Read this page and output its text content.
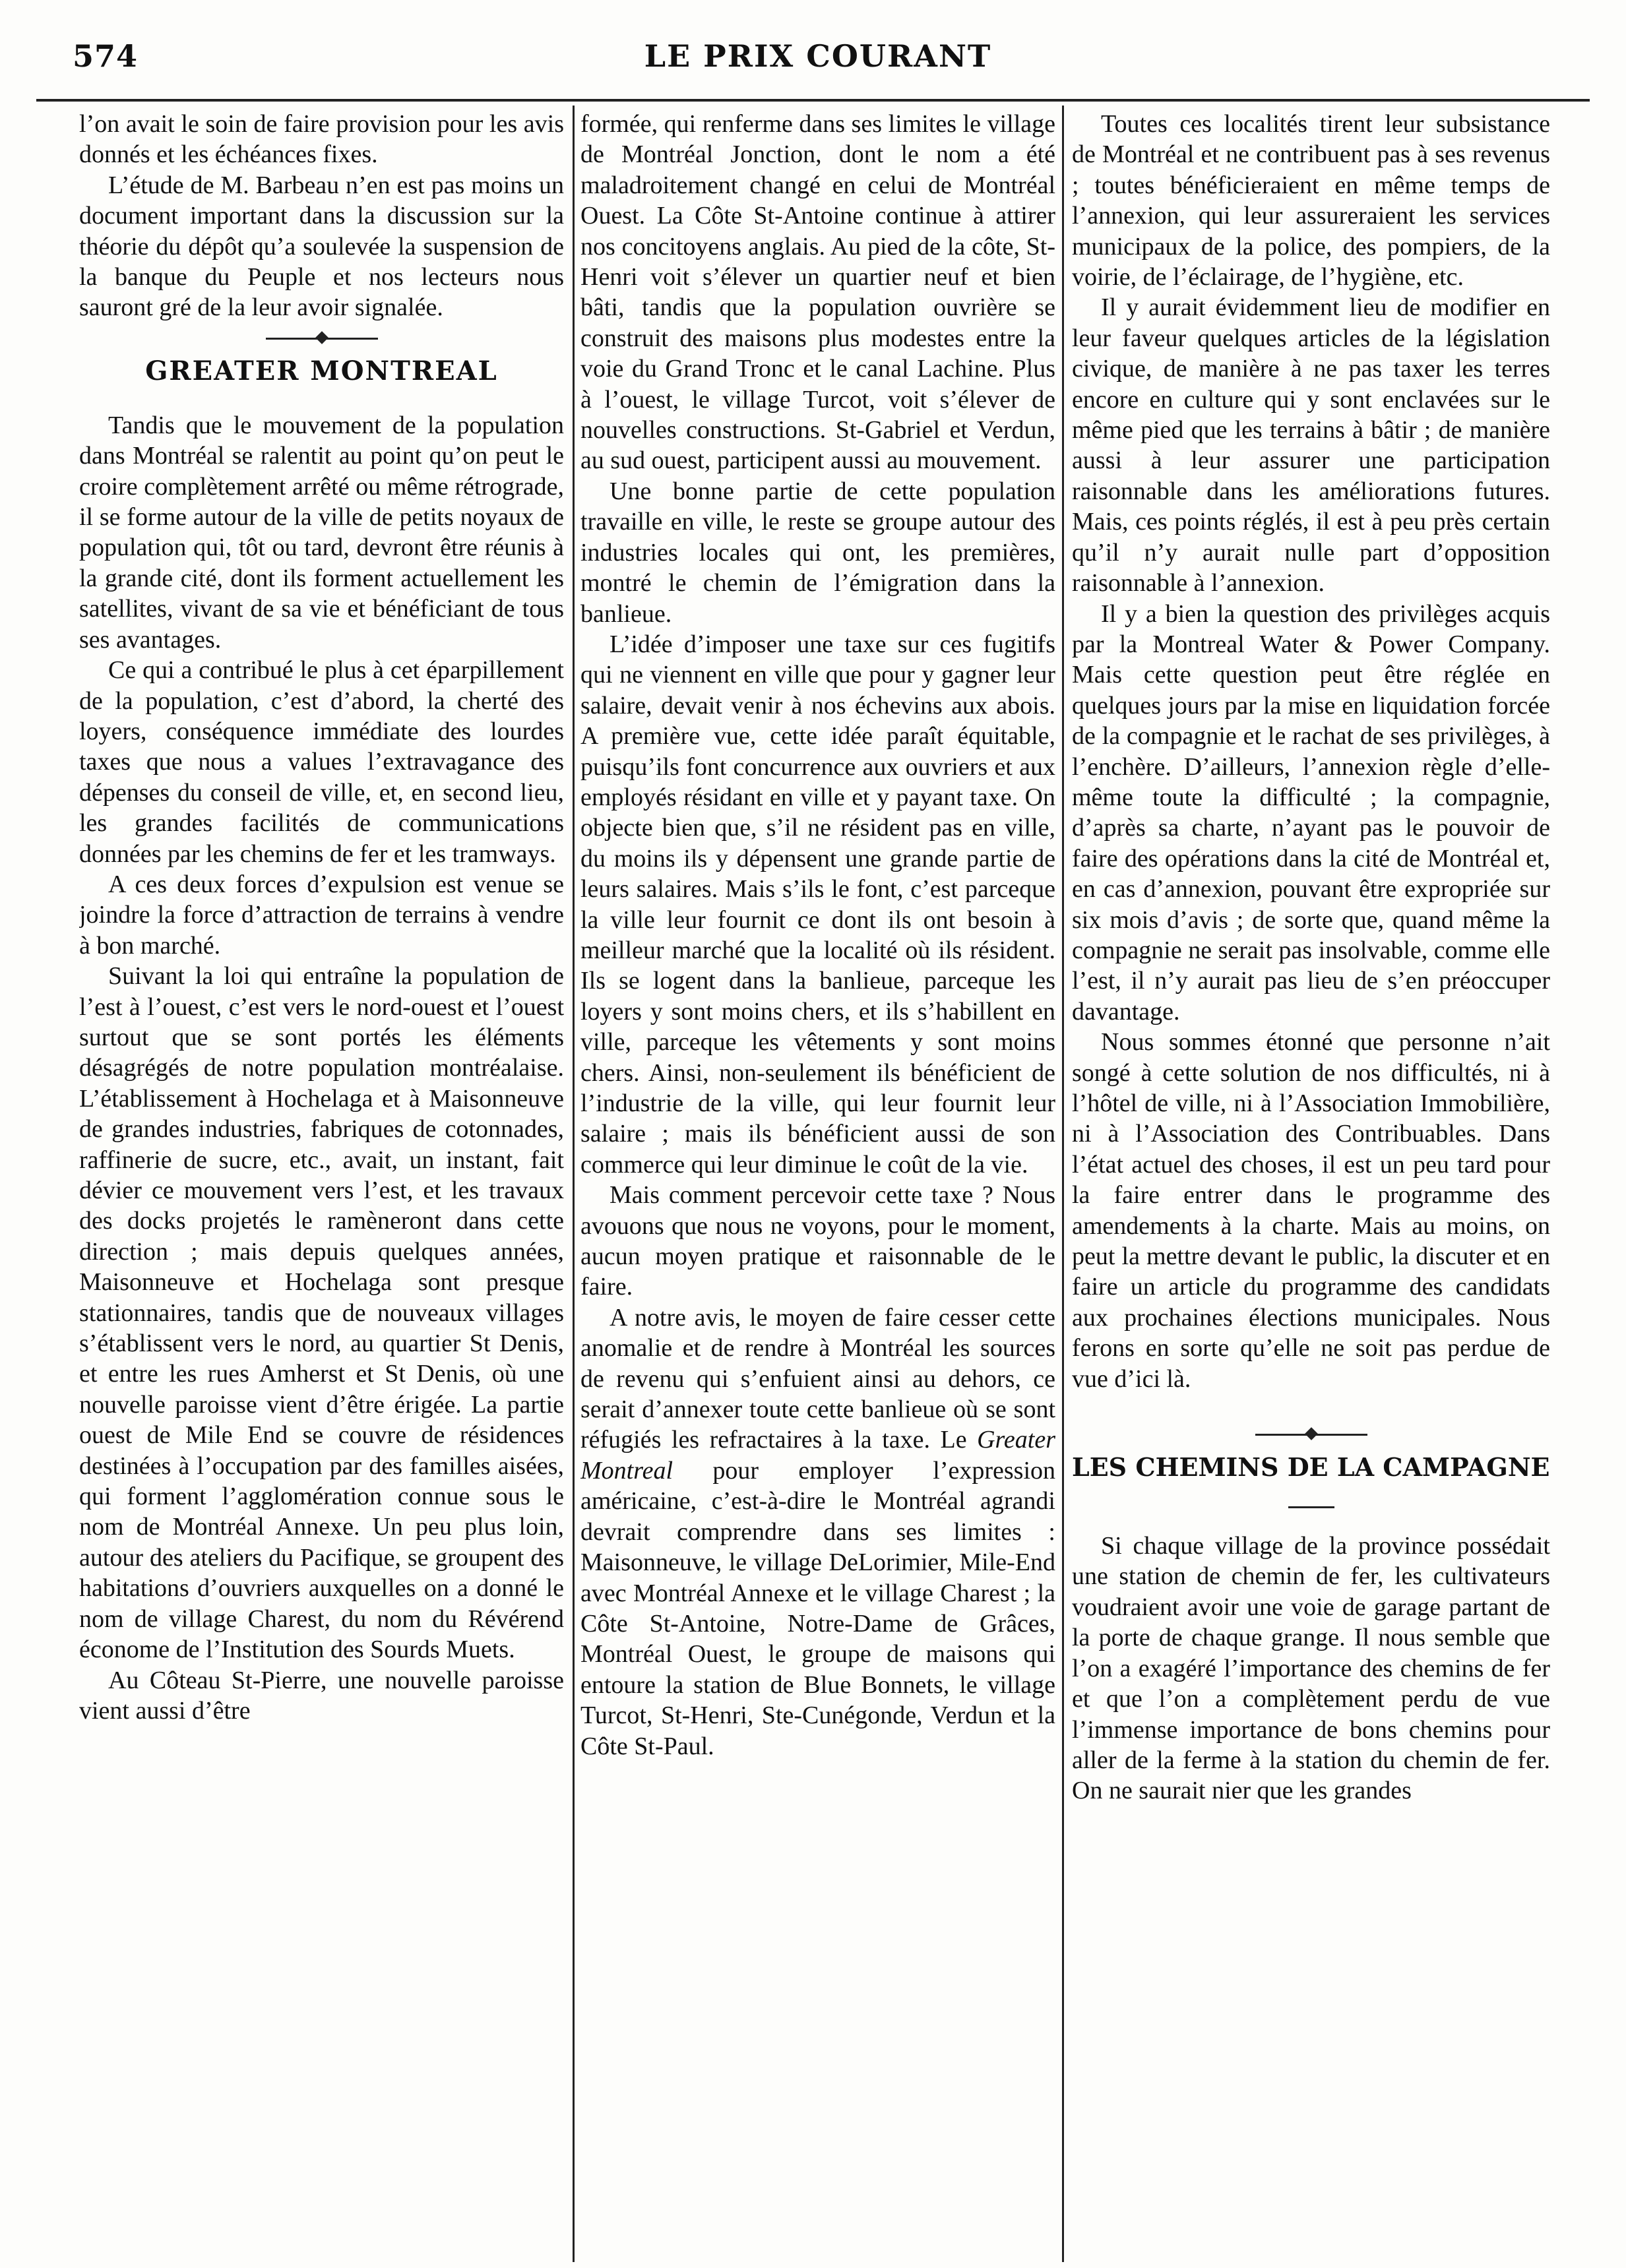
574	LE PRIX COURANT

l’on avait le soin de faire provision pour les avis donnés et les échéances fixes.

L’étude de M. Barbeau n’en est pas moins un document important dans la discussion sur la théorie du dépôt qu’a soulevée la suspension de la banque du Peuple et nos lecteurs nous sauront gré de la leur avoir signalée.

GREATER MONTREAL

Tandis que le mouvement de la population dans Montréal se ralentit au point qu’on peut le croire complètement arrêté ou même rétrograde, il se forme autour de la ville de petits noyaux de population qui, tôt ou tard, devront être réunis à la grande cité, dont ils forment actuellement les satellites, vivant de sa vie et bénéficiant de tous ses avantages.

Ce qui a contribué le plus à cet éparpillement de la population, c’est d’abord, la cherté des loyers, conséquence immédiate des lourdes taxes que nous a values l’extravagance des dépenses du conseil de ville, et, en second lieu, les grandes facilités de communications données par les chemins de fer et les tramways.

A ces deux forces d’expulsion est venue se joindre la force d’attraction de terrains à vendre à bon marché.

Suivant la loi qui entraîne la population de l’est à l’ouest, c’est vers le nord-ouest et l’ouest surtout que se sont portés les éléments désagrégés de notre population montréalaise. L’établissement à Hochelaga et à Maisonneuve de grandes industries, fabriques de cotonnades, raffinerie de sucre, etc., avait, un instant, fait dévier ce mouvement vers l’est, et les travaux des docks projetés le ramèneront dans cette direction ; mais depuis quelques années, Maisonneuve et Hochelaga sont presque stationnaires, tandis que de nouveaux villages s’établissent vers le nord, au quartier St Denis, et entre les rues Amherst et St Denis, où une nouvelle paroisse vient d’être érigée. La partie ouest de Mile End se couvre de résidences destinées à l’occupation par des familles aisées, qui forment l’agglomération connue sous le nom de Montréal Annexe. Un peu plus loin, autour des ateliers du Pacifique, se groupent des habitations d’ouvriers auxquelles on a donné le nom de village Charest, du nom du Révérend économe de l’Institution des Sourds Muets.

Au Côteau St-Pierre, une nouvelle paroisse vient aussi d’être

formée, qui renferme dans ses limites le village de Montréal Jonction, dont le nom a été maladroitement changé en celui de Montréal Ouest. La Côte St-Antoine continue à attirer nos concitoyens anglais. Au pied de la côte, St-Henri voit s’élever un quartier neuf et bien bâti, tandis que la population ouvrière se construit des maisons plus modestes entre la voie du Grand Tronc et le canal Lachine. Plus à l’ouest, le village Turcot, voit s’élever de nouvelles constructions. St-Gabriel et Verdun, au sud ouest, participent aussi au mouvement.

Une bonne partie de cette population travaille en ville, le reste se groupe autour des industries locales qui ont, les premières, montré le chemin de l’émigration dans la banlieue.

L’idée d’imposer une taxe sur ces fugitifs qui ne viennent en ville que pour y gagner leur salaire, devait venir à nos échevins aux abois. A première vue, cette idée paraît équitable, puisqu’ils font concurrence aux ouvriers et aux employés résidant en ville et y payant taxe. On objecte bien que, s’il ne résident pas en ville, du moins ils y dépensent une grande partie de leurs salaires. Mais s’ils le font, c’est parceque la ville leur fournit ce dont ils ont besoin à meilleur marché que la localité où ils résident. Ils se logent dans la banlieue, parceque les loyers y sont moins chers, et ils s’habillent en ville, parceque les vêtements y sont moins chers. Ainsi, non-seulement ils bénéficient de l’industrie de la ville, qui leur fournit leur salaire ; mais ils bénéficient aussi de son commerce qui leur diminue le coût de la vie.

Mais comment percevoir cette taxe ? Nous avouons que nous ne voyons, pour le moment, aucun moyen pratique et raisonnable de le faire.

A notre avis, le moyen de faire cesser cette anomalie et de rendre à Montréal les sources de revenu qui s’enfuient ainsi au dehors, ce serait d’annexer toute cette banlieue où se sont réfugiés les refractaires à la taxe. Le Greater Montreal pour employer l’expression américaine, c’est-à-dire le Montréal agrandi devrait comprendre dans ses limites : Maisonneuve, le village DeLorimier, Mile-End avec Montréal Annexe et le village Charest ; la Côte St-Antoine, Notre-Dame de Grâces, Montréal Ouest, le groupe de maisons qui entoure la station de Blue Bonnets, le village Turcot, St-Henri, Ste-Cunégonde, Verdun et la Côte St-Paul.

Toutes ces localités tirent leur subsistance de Montréal et ne contribuent pas à ses revenus ; toutes bénéficieraient en même temps de l’annexion, qui leur assureraient les services municipaux de la police, des pompiers, de la voirie, de l’éclairage, de l’hygiène, etc.

Il y aurait évidemment lieu de modifier en leur faveur quelques articles de la législation civique, de manière à ne pas taxer les terres encore en culture qui y sont enclavées sur le même pied que les terrains à bâtir ; de manière aussi à leur assurer une participation raisonnable dans les améliorations futures. Mais, ces points réglés, il est à peu près certain qu’il n’y aurait nulle part d’opposition raisonnable à l’annexion.

Il y a bien la question des privilèges acquis par la Montreal Water & Power Company. Mais cette question peut être réglée en quelques jours par la mise en liquidation forcée de la compagnie et le rachat de ses privilèges, à l’enchère. D’ailleurs, l’annexion règle d’elle-même toute la difficulté ; la compagnie, d’après sa charte, n’ayant pas le pouvoir de faire des opérations dans la cité de Montréal et, en cas d’annexion, pouvant être expropriée sur six mois d’avis ; de sorte que, quand même la compagnie ne serait pas insolvable, comme elle l’est, il n’y aurait pas lieu de s’en préoccuper davantage.

Nous sommes étonné que personne n’ait songé à cette solution de nos difficultés, ni à l’hôtel de ville, ni à l’Association Immobilière, ni à l’Association des Contribuables. Dans l’état actuel des choses, il est un peu tard pour la faire entrer dans le programme des amendements à la charte. Mais au moins, on peut la mettre devant le public, la discuter et en faire un article du programme des candidats aux prochaines élections municipales. Nous ferons en sorte qu’elle ne soit pas perdue de vue d’ici là.

LES CHEMINS DE LA CAMPAGNE

Si chaque village de la province possédait une station de chemin de fer, les cultivateurs voudraient avoir une voie de garage partant de la porte de chaque grange. Il nous semble que l’on a exagéré l’importance des chemins de fer et que l’on a complètement perdu de vue l’immense importance de bons chemins pour aller de la ferme à la station du chemin de fer. On ne saurait nier que les grandes
